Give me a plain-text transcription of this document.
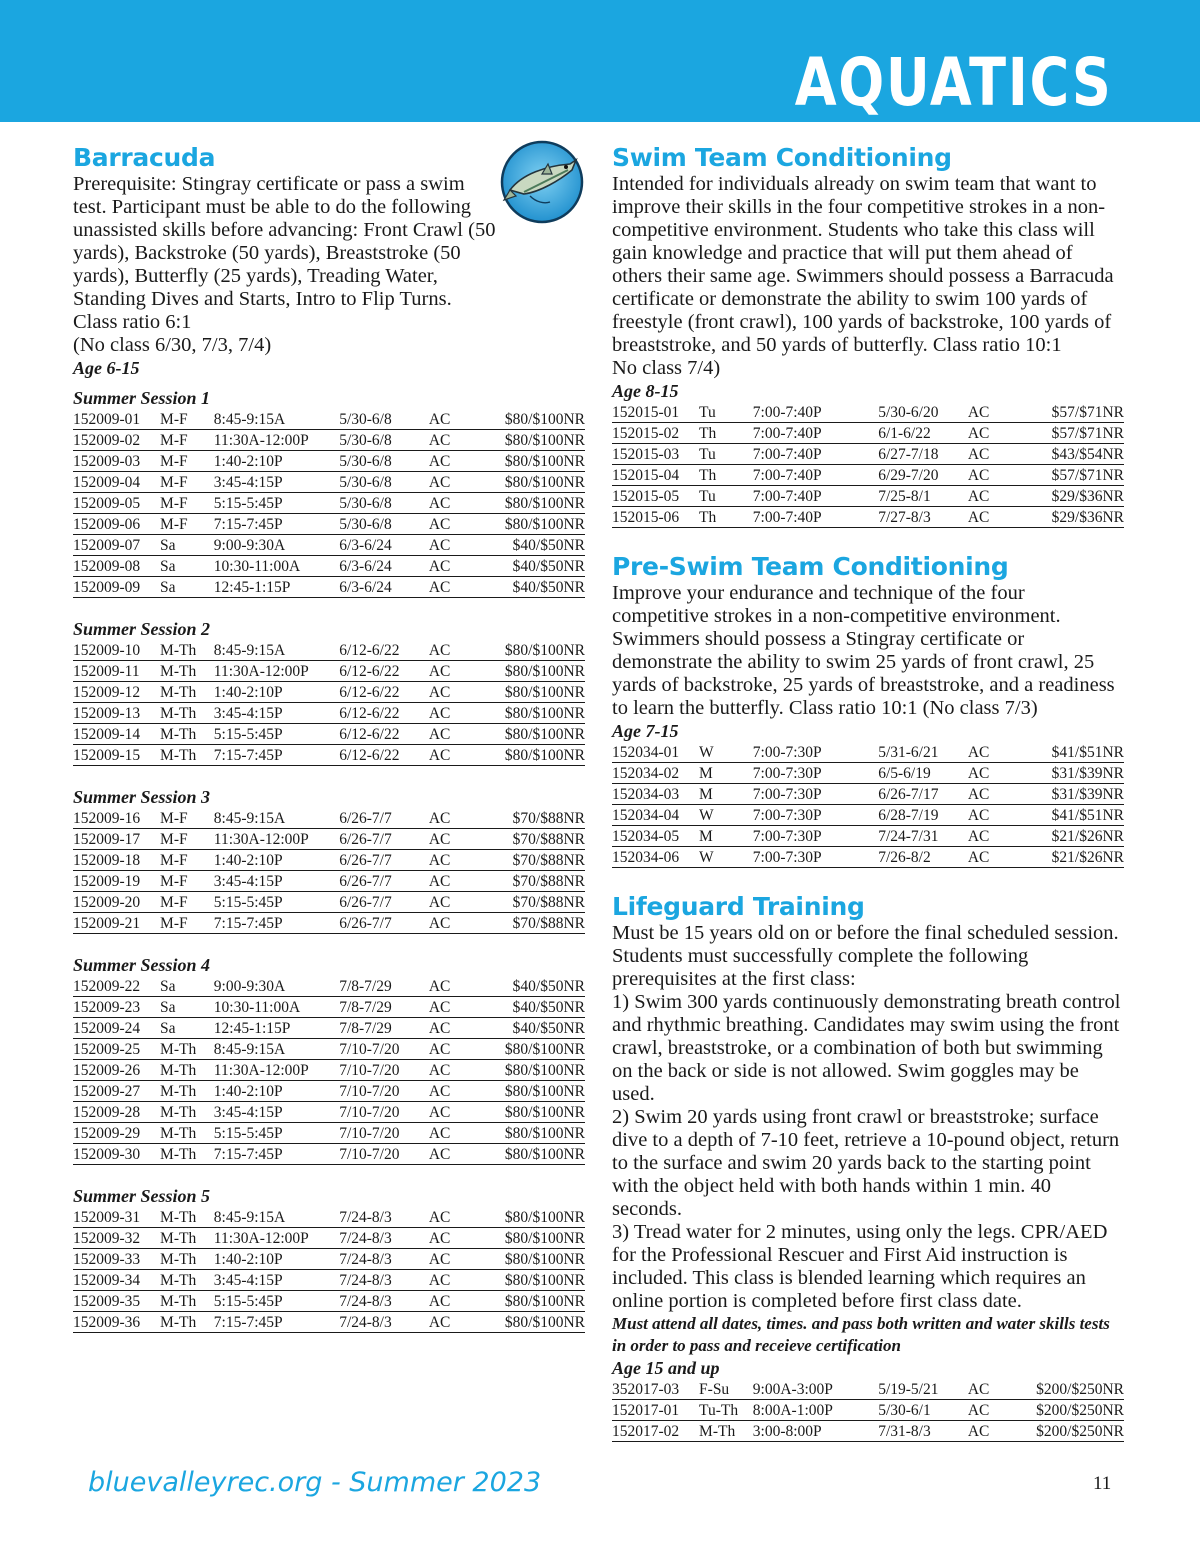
AQUATICS
Barracuda

Prerequisite: Stingray certificate or pass a swim test. Participant must be able to do the following unassisted skills before advancing: Front Crawl (50 yards), Backstroke (50 yards), Breaststroke (50 yards), Butterfly (25 yards), Treading Water, Standing Dives and Starts, Intro to Flip Turns. Class ratio 6:1

(No class 6/30, 7/3, 7/4)

Age 6-15

Summer Session 1

152009-01	M-F	8:45-9:15A	5/30-6/8	AC	$80/$100NR
152009-02	M-F	11:30A-12:00P	5/30-6/8	AC	$80/$100NR
152009-03	M-F	1:40-2:10P	5/30-6/8	AC	$80/$100NR
152009-04	M-F	3:45-4:15P	5/30-6/8	AC	$80/$100NR
152009-05	M-F	5:15-5:45P	5/30-6/8	AC	$80/$100NR
152009-06	M-F	7:15-7:45P	5/30-6/8	AC	$80/$100NR
152009-07	Sa	9:00-9:30A	6/3-6/24	AC	$40/$50NR
152009-08	Sa	10:30-11:00A	6/3-6/24	AC	$40/$50NR
152009-09	Sa	12:45-1:15P	6/3-6/24	AC	$40/$50NR

Summer Session 2

152009-10	M-Th	8:45-9:15A	6/12-6/22	AC	$80/$100NR
152009-11	M-Th	11:30A-12:00P	6/12-6/22	AC	$80/$100NR
152009-12	M-Th	1:40-2:10P	6/12-6/22	AC	$80/$100NR
152009-13	M-Th	3:45-4:15P	6/12-6/22	AC	$80/$100NR
152009-14	M-Th	5:15-5:45P	6/12-6/22	AC	$80/$100NR
152009-15	M-Th	7:15-7:45P	6/12-6/22	AC	$80/$100NR

Summer Session 3

152009-16	M-F	8:45-9:15A	6/26-7/7	AC	$70/$88NR
152009-17	M-F	11:30A-12:00P	6/26-7/7	AC	$70/$88NR
152009-18	M-F	1:40-2:10P	6/26-7/7	AC	$70/$88NR
152009-19	M-F	3:45-4:15P	6/26-7/7	AC	$70/$88NR
152009-20	M-F	5:15-5:45P	6/26-7/7	AC	$70/$88NR
152009-21	M-F	7:15-7:45P	6/26-7/7	AC	$70/$88NR

Summer Session 4

152009-22	Sa	9:00-9:30A	7/8-7/29	AC	$40/$50NR
152009-23	Sa	10:30-11:00A	7/8-7/29	AC	$40/$50NR
152009-24	Sa	12:45-1:15P	7/8-7/29	AC	$40/$50NR
152009-25	M-Th	8:45-9:15A	7/10-7/20	AC	$80/$100NR
152009-26	M-Th	11:30A-12:00P	7/10-7/20	AC	$80/$100NR
152009-27	M-Th	1:40-2:10P	7/10-7/20	AC	$80/$100NR
152009-28	M-Th	3:45-4:15P	7/10-7/20	AC	$80/$100NR
152009-29	M-Th	5:15-5:45P	7/10-7/20	AC	$80/$100NR
152009-30	M-Th	7:15-7:45P	7/10-7/20	AC	$80/$100NR

Summer Session 5

152009-31	M-Th	8:45-9:15A	7/24-8/3	AC	$80/$100NR
152009-32	M-Th	11:30A-12:00P	7/24-8/3	AC	$80/$100NR
152009-33	M-Th	1:40-2:10P	7/24-8/3	AC	$80/$100NR
152009-34	M-Th	3:45-4:15P	7/24-8/3	AC	$80/$100NR
152009-35	M-Th	5:15-5:45P	7/24-8/3	AC	$80/$100NR
152009-36	M-Th	7:15-7:45P	7/24-8/3	AC	$80/$100NR
Swim Team Conditioning

Intended for individuals already on swim team that want to improve their skills in the four competitive strokes in a non-competitive environment. Students who take this class will gain knowledge and practice that will put them ahead of others their same age. Swimmers should possess a Barracuda certificate or demonstrate the ability to swim 100 yards of freestyle (front crawl), 100 yards of backstroke, 100 yards of breaststroke, and 50 yards of butterfly. Class ratio 10:1

No class 7/4)

Age 8-15

152015-01	Tu	7:00-7:40P	5/30-6/20	AC	$57/$71NR
152015-02	Th	7:00-7:40P	6/1-6/22	AC	$57/$71NR
152015-03	Tu	7:00-7:40P	6/27-7/18	AC	$43/$54NR
152015-04	Th	7:00-7:40P	6/29-7/20	AC	$57/$71NR
152015-05	Tu	7:00-7:40P	7/25-8/1	AC	$29/$36NR
152015-06	Th	7:00-7:40P	7/27-8/3	AC	$29/$36NR
Pre-Swim Team Conditioning

Improve your endurance and technique of the four competitive strokes in a non-competitive environment. Swimmers should possess a Stingray certificate or demonstrate the ability to swim 25 yards of front crawl, 25 yards of backstroke, 25 yards of breaststroke, and a readiness to learn the butterfly. Class ratio 10:1 (No class 7/3)

Age 7-15

152034-01	W	7:00-7:30P	5/31-6/21	AC	$41/$51NR
152034-02	M	7:00-7:30P	6/5-6/19	AC	$31/$39NR
152034-03	M	7:00-7:30P	6/26-7/17	AC	$31/$39NR
152034-04	W	7:00-7:30P	6/28-7/19	AC	$41/$51NR
152034-05	M	7:00-7:30P	7/24-7/31	AC	$21/$26NR
152034-06	W	7:00-7:30P	7/26-8/2	AC	$21/$26NR
Lifeguard Training

Must be 15 years old on or before the final scheduled session. Students must successfully complete the following prerequisites at the first class:

1) Swim 300 yards continuously demonstrating breath control and rhythmic breathing. Candidates may swim using the front crawl, breaststroke, or a combination of both but swimming on the back or side is not allowed. Swim goggles may be used.

2) Swim 20 yards using front crawl or breaststroke; surface dive to a depth of 7-10 feet, retrieve a 10-pound object, return to the surface and swim 20 yards back to the starting point with the object held with both hands within 1 min. 40 seconds.

3) Tread water for 2 minutes, using only the legs. CPR/AED for the Professional Rescuer and First Aid instruction is included. This class is blended learning which requires an online portion is completed before first class date.

Must attend all dates, times. and pass both written and water skills tests in order to pass and receieve certification

Age 15 and up

352017-03	F-Su	9:00A-3:00P	5/19-5/21	AC	$200/$250NR
152017-01	Tu-Th	8:00A-1:00P	5/30-6/1	AC	$200/$250NR
152017-02	M-Th	3:00-8:00P	7/31-8/3	AC	$200/$250NR
bluevalleyrec.org - Summer 2023	11
